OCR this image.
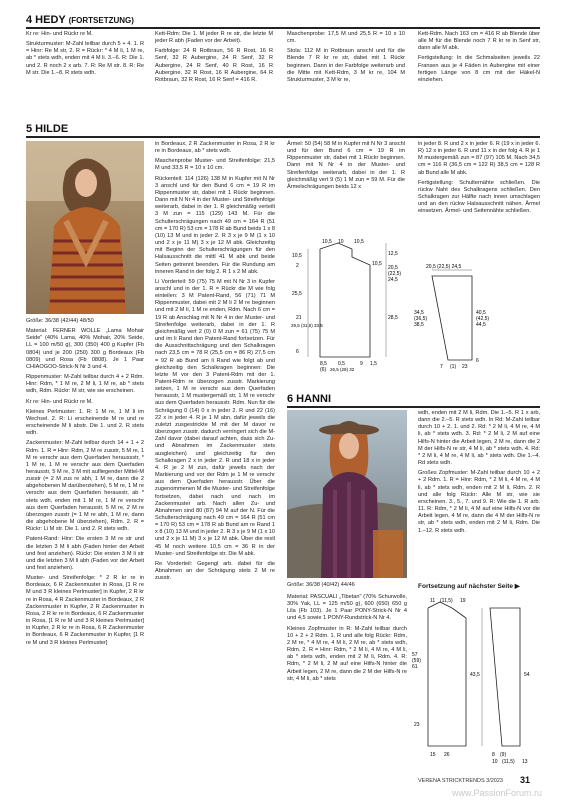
4 HEDY (FORTSETZUNG)

Kr re: Hin- und Rückr re M.

Strukturmuster: M-Zahl teilbar durch 5 + 4. 1. R = Hinr: Re M str, 2. R = Rückr: * 4 M li, 1 M re, ab * stets wdh, enden mit 4 M li. 3.–6. R: Die 1. und 2. R noch 2 x arb. 7. R: Re M str. 8. R: Re M str. Die 1.–8. R stets wdh.

Kett-Rdm: Die 1. M jeder R re str, die letzte M jeder R abh (Faden vor der Arbeit).

Farbfolge: 24 R Rotbraun, 56 R Rost, 16 R Senf, 32 R Aubergine, 24 R Senf, 32 R Aubergine, 24 R Senf, 40 R Rost, 16 R Aubergine, 32 R Rost, 16 R Aubergine, 64 R Rotbraun, 32 R Rost, 16 R Senf = 416 R.

Maschenprobe: 17,5 M und 25,5 R = 10 x 10 cm.

Stola: 112 M in Rotbraun anschl und für die Blende 7 R kr re str, dabei mit 1 Rückr beginnen. Dann in der Farbfolge weiterarb und die Mitte mit Kett-Rdm, 3 M kr re, 104 M Strukturmuster, 3 M kr re,

Kett-Rdm. Nach 163 cm = 416 R ab Blende über alle M für die Blende noch 7 R kr re in Senf str, dann alle M abk.

Fertigstellung: In die Schmalseiten jeweils 22 Fransen aus je 4 Fäden in Aubergine mit einer fertigen Länge von 8 cm mit der Häkel-N einziehen.

5 HILDE

Größe: 36/38 (42/44) 48/50

Material: FERNER WOLLE „Lama Mohair Seide" (40% Lama, 40% Mohair, 20% Seide, LL = 100 m/50 g), 300 (350) 400 g Kupfer (Fb 0804) und je 200 (250) 300 g Bordeaux (Fb 0809) und Rosa (Fb 0808). Je 1 Paar CHIAOGOO-Strick-N Nr 3 und 4.

Rippenmuster: M-Zahl teilbar durch 4 + 2 Rdm. Hinr: Rdm, * 1 M re, 2 M li, 1 M re, ab * stets wdh, Rdm. Rückr: M str, wie sie erscheinen.

Kr re: Hin- und Rückr re M.

Kleines Perlmuster: 1. R: 1 M re, 1 M li im Wechsel. 2. R: Li erscheinende M re und re erscheinende M li abstr. Die 1. und 2. R stets wdh.

Zackenmuster: M-Zahl teilbar durch 14 + 1 + 2 Rdm. 1. R = Hinr: Rdm, 2 M re zusstr, 5 M re, 1 M re verschr aus dem Querfaden heraussstr, * 1 M re, 1 M re verschr aus dem Querfaden herausstr, 5 M re, 3 M mit aufliegender Mittel-M zusstr (= 2 M zus re abh, 1 M re, dann die 2 abgehobenen M darüberziehen), 5 M re, 1 M re verschr aus dem Querfaden herausstr, ab * stets wdh, enden mit 1 M re, 1 M re verschr aus dem Querfaden herausstr, 5 M re, 2 M re überzogen zusstr (= 1 M re abh, 1 M re, dann die abgehobene M überziehen), Rdm. 2. R = Rückr: Li M str. Die 1. und 2. R stets wdh.

Patent-Rand: Hinr: Die ersten 3 M re str und die letzten 3 M li abh (Faden hinter der Arbeit und fest anziehen). Rückr: Die ersten 3 M li str und die letzten 3 M li abh (Faden vor der Arbeit und fest anziehen).

Muster- und Streifenfolge: * 2 R kr re in Bordeaux, 6 R Zackenmuster in Rosa, [1 R re M und 3 R kleines Perlmuster] in Kupfer, 2 R kr re in Rosa, 4 R Zackenmuster in Bordeaux, 2 R Zackenmuster in Kupfer, 2 R Zackenmuster in Rosa, 2 R kr re in Bordeaux, 6 R Zackenmuster in Rosa, [1 R re M und 3 R kleines Perlmuster] in Kupfer, 2 R kr re in Rosa, 6 R Zackenmuster in Bordeaux, 6 R Zackenmuster in Kupfer, [1 R re M und 3 R kleines Perlmuster]

in Bordeaux, 2 R Zackenmuster in Rosa, 2 R kr re in Bordeaux, ab * stets wdh.

Maschenprobe Muster- und Streifenfolge: 21,5 M und 33,5 R = 10 x 10 cm.

Rückenteil: 114 (126) 138 M in Kupfer mit N Nr 3 anschl und für den Bund 6 cm = 19 R im Rippenmuster str, dabei mit 1 Rückr beginnen. Dann mit N Nr 4 in der Muster- und Streifenfolge weiterarb, dabei in der 1. R gleichmäßig verteilt 3 M zun = 115 (129) 143 M. Für die Schulterschrägungen nach 49 cm = 164 R (51 cm = 170 R) 53 cm = 178 R ab Bund beids 1 x 8 (10) 13 M und in jeder 2. R 3 x je 9 M (1 x 10 und 2 x je 11 M) 3 x je 12 M abk. Gleichzeitig mit Beginn der Schulterschrägungen für den Halsausschnitt die mittl 41 M abk und beide Seiten getrennt beenden. Für die Rundung am inneren Rand in der folg 2. R 1 x 2 M abk.

Li Vorderteil: 59 (75) 75 M mit N Nr 3 in Kupfer anschl und in der 1. R = Rückr die M wie folg einteilen: 3 M Patent-Rand, 56 (71) 71 M Rippenmuster, dabei mit 2 M li 2 M re beginnen und mit 2 M li, 1 M re enden, Rdm. Nach 6 cm = 19 R ab Anschlag mit N Nr 4 in der Muster- und Streifenfolge weiterarb, dabei in der 1. R gleichmäßig vert 2 (0) 0 M zun = 61 (75) 75 M und im li Rand den Patent-Rand fortsetzen. Für die Ausschnittschrägung und den Schalkragen nach 23,5 cm = 78 R (25,5 cm = 86 R) 27,5 cm = 92 R ab Bund am li Rand wie folgt ab und gleichzeitig den Schalkragen beginnen: Die letzte M vor den 3 Patent-Rdm mit der 1. Patent-Rdm re überzogen zusstr. Markierung setzen, 1 M re verschr aus dem Querfaden herausstr, 1 M mustergemäß str, 1 M re verschr aus dem Querfaden herausstr. Rdm. Nun für die Schrägung 0 (14) 0 x in jeder 2. R und 22 (16) 22 x in jeder 4. R je 1 M abn, dafür jeweils die zuletzt zusgestrickte M mit der M davor re überzogen zusstr. dadurch verringert sich die M-Zahl davor (dabei darauf achten, dass sich Zu- und Abnahmen im Zackenmuster stets ausgleichen) und gleichzeitig für den Schalkragen 2 x in jeder 2. R und 18 x in jeder 4. R je 2 M zun, dafür jeweils nach der Markierung und vor der Rdm je 1 M re verschr aus dem Querfaden herausstr. Über die zugenommenen M die Muster- und Streifenfolge fortsetzen, dabei nach und nach im Zackenmuster arb. Nach allen Zu- und Abnahmen sind 80 (87) 94 M auf der N. Für die Schulterschrägung nach 49 cm = 164 R (51 cm = 170 R) 53 cm = 178 R ab Bund am re Rand 1 x 8 (10) 13 M und in jeder 2. R 3 x je 9 M (1 x 10 und 2 x je 11 M) 3 x je 12 M abk. Über die restl 45 M noch weitere 10,5 cm = 36 R in der Muster- und Streifenfolge str. Die M abk.

Re Vorderteil: Gegengl arb. dabei für die Abnahmen an der Schrägung stets 2 M re zusstr.

Ärmel: 50 (54) 58 M in Kupfer mit N Nr 3 anschl und für den Bund 6 cm = 19 R im Rippenmuster str, dabei mit 1 Rückr beginnen. Dann mit N Nr 4 in der Muster- und Streifenfolge weiterarb, dabei in der 1. R gleichmäßig vert 9 (5) 1 M zun = 59 M. Für die Ärmelschrägungen beids 12 x

in jeder 8. R und 2 x in jeder 6. R (19 x in jeder 6. R) 12 x in jeder 6. R und 11 x in der folg 4. R je 1 M mustergemäß zun = 87 (97) 105 M. Nach 34,5 cm = 116 R (36,5 cm = 122 R) 38,5 cm = 128 R ab Bund alle M abk.

Fertigstellung: Schulternähte schließen. Die rückw Naht des Schalkragens schließen. Den Schalkragen zur Hälfte nach innen umschlagen und an den rückw Halsausschnitt nähen. Ärmel einsetzen. Ärmel- und Seitennähte schließen.

10,5 10 10,5
12,5
10,5
2
25,5
21
6
29,5 (31,5) 33,5
20,5
(22,5)
24,5
10,5
28,5
8,5
(6)
0,5
26,5 (29) 32
9 1,5
20,5 (22,5) 24,5
34,5
(36,5)
38,5
40,5
(42,5)
44,5
7 (1) 23
6
6 HANNI
Größe: 36/38 (40/42) 44/46

Material: PASCUALI „Tibetan" (70% Schurwolle, 30% Yak, LL = 125 m/50 g), 600 (650) 650 g Lila (Fb 103). Je 1 Paar PONY-Strick-N Nr 4 und 4,5 sowie 1 PONY-Rundstrick-N Nr 4.

Kleines Zopfmuster in R: M-Zahl teilbar durch 10 + 2 + 2 Rdm. 1. R und alle folg Rückr: Rdm, 2 M re, * 4 M re, 4 M li, 2 M re, ab * stets wdh, Rdm. 2. R = Hinr: Rdm, * 2 M li, 4 M re, 4 M li, ab * stets wdh, enden mit 2 M li, Rdm. 4. R: Rdm, * 2 M li, 2 M auf eine Hilfs-N hinter die Arbeit legen, 2 M re, dann die 2 M der Hilfs-N re str, 4 M li, ab * stets

wdh, enden mit 2 M li, Rdm. Die 1.–5. R 1 x arb, dann die 2.–5. R stets wdh. In Rd: M-Zahl teilbar durch 10 + 2. 1. und 2. Rd: * 2 M li, 4 M re, 4 M li, ab * stets wdh. 3. Rd: * 2 M li, 2 M auf eine Hilfs-N hinter die Arbeit legen, 2 M re, dann die 2 M der Hilfs-N re str, 4 M li, ab * stets wdh. 4. Rd: * 2 M li, 4 M re, 4 M li, ab * stets wdh. Die 1.–4. Rd stets wdh.

Großes Zopfmuster: M-Zahl teilbar durch 10 + 2 + 2 Rdm. 1. R = Hinr: Rdm, * 2 M li, 4 M re, 4 M li, ab * stets wdh, enden mit 2 M li, Rdm. 2. R und alle folg Rückr: Alle M str, wie sie erscheinen. 3., 5., 7. und 9. R: Wie die 1. R arb. 11. R: Rdm, * 2 M li, 4 M auf eine Hilfs-N vor die Arbeit legen, 4 M re, dann die 4 M der Hilfs-N re str, ab * stets wdh, enden mit 2 M li, Rdm. Die 1.–12. R stets wdh.

Fortsetzung auf nächster Seite ▶
11 (11,5) 19
57
(59)
61
23
43,5	54
15 26	8 (9)
10 (11,5) 13
VERENA STRICKTRENDS 3/2023 31
www.PassionForum.ru
